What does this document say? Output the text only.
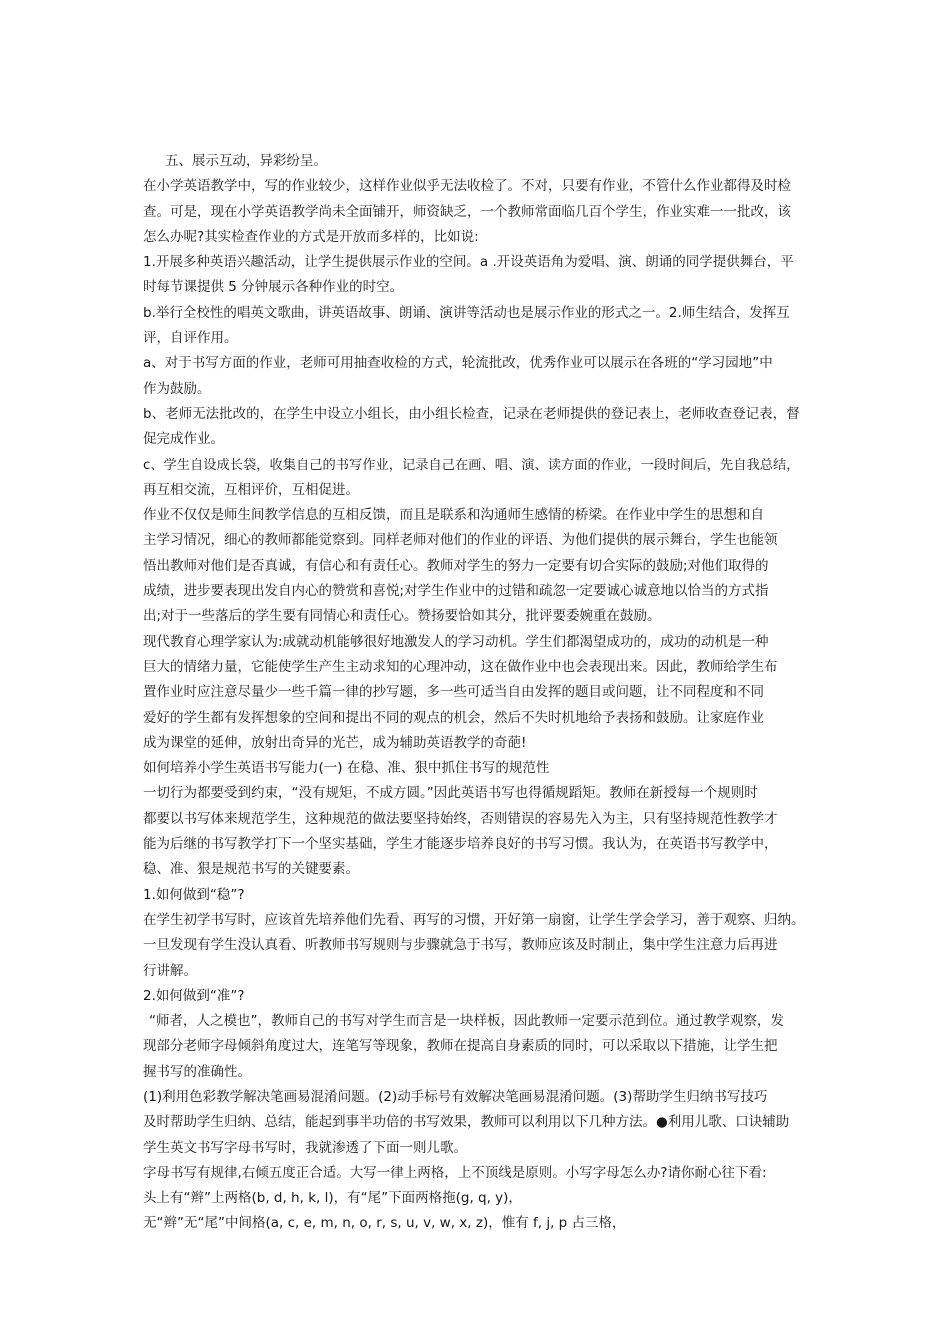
五、展示互动，异彩纷呈。
在小学英语教学中，写的作业较少，这样作业似乎无法收检了。不对，只要有作业，不管什么作业都得及时检
查。可是，现在小学英语教学尚未全面铺开，师资缺乏，一个教师常面临几百个学生，作业实难一一批改，该
怎么办呢?其实检查作业的方式是开放而多样的，比如说:
1.开展多种英语兴趣活动，让学生提供展示作业的空间。a .开设英语角为爱唱、演、朗诵的同学提供舞台，平
时每节课提供 5 分钟展示各种作业的时空。
b.举行全校性的唱英文歌曲，讲英语故事、朗诵、演讲等活动也是展示作业的形式之一。2.师生结合，发挥互
评，自评作用。
a、对于书写方面的作业，老师可用抽查收检的方式，轮流批改，优秀作业可以展示在各班的“学习园地”中
作为鼓励。
b、老师无法批改的，在学生中设立小组长，由小组长检查，记录在老师提供的登记表上，老师收查登记表，督
促完成作业。
c、学生自设成长袋，收集自己的书写作业，记录自己在画、唱、演、读方面的作业，一段时间后，先自我总结，
再互相交流，互相评价，互相促进。
作业不仅仅是师生间教学信息的互相反馈，而且是联系和沟通师生感情的桥梁。在作业中学生的思想和自
主学习情况，细心的教师都能觉察到。同样老师对他们的作业的评语、为他们提供的展示舞台，学生也能领
悟出教师对他们是否真诚，有信心和有责任心。教师对学生的努力一定要有切合实际的鼓励;对他们取得的
成绩，进步要表现出发自内心的赞赏和喜悦;对学生作业中的过错和疏忽一定要诚心诚意地以恰当的方式指
出;对于一些落后的学生要有同情心和责任心。赞扬要恰如其分，批评要委婉重在鼓励。
现代教育心理学家认为:成就动机能够很好地激发人的学习动机。学生们都渴望成功的，成功的动机是一种
巨大的情绪力量，它能使学生产生主动求知的心理冲动，这在做作业中也会表现出来。因此，教师给学生布
置作业时应注意尽量少一些千篇一律的抄写题，多一些可适当自由发挥的题目或问题，让不同程度和不同
爱好的学生都有发挥想象的空间和提出不同的观点的机会，然后不失时机地给予表扬和鼓励。让家庭作业
成为课堂的延伸，放射出奇异的光芒，成为辅助英语教学的奇葩!
如何培养小学生英语书写能力(一) 在稳、准、狠中抓住书写的规范性
一切行为都要受到约束，“没有规矩，不成方圆。”因此英语书写也得循规蹈矩。教师在新授每一个规则时
都要以书写体来规范学生，这种规范的做法要坚持始终，否则错误的容易先入为主，只有坚持规范性教学才
能为后继的书写教学打下一个坚实基础，学生才能逐步培养良好的书写习惯。我认为，在英语书写教学中，
稳、准、狠是规范书写的关键要素。
1.如何做到“稳”?
在学生初学书写时，应该首先培养他们先看、再写的习惯，开好第一扇窗，让学生学会学习，善于观察、归纳。
一旦发现有学生没认真看、听教师书写规则与步骤就急于书写，教师应该及时制止，集中学生注意力后再进
行讲解。
2.如何做到“准”?
“师者，人之模也”，教师自己的书写对学生而言是一块样板，因此教师一定要示范到位。通过教学观察，发
现部分老师字母倾斜角度过大，连笔写等现象，教师在提高自身素质的同时，可以采取以下措施，让学生把
握书写的准确性。
(1)利用色彩教学解决笔画易混淆问题。(2)动手标号有效解决笔画易混淆问题。(3)帮助学生归纳书写技巧
及时帮助学生归纳、总结，能起到事半功倍的书写效果，教师可以利用以下几种方法。●利用儿歌、口诀辅助
学生英文书写字母书写时，我就渗透了下面一则儿歌。
字母书写有规律,右倾五度正合适。大写一律上两格，上不顶线是原则。小写字母怎么办?请你耐心往下看:
头上有“辫”上两格(b, d, h, k, l)，有“尾”下面两格拖(g, q, y)，
无“辫”无“尾”中间格(a, c, e, m, n, o, r, s, u, v, w, x, z)，惟有 f, j, p 占三格，
